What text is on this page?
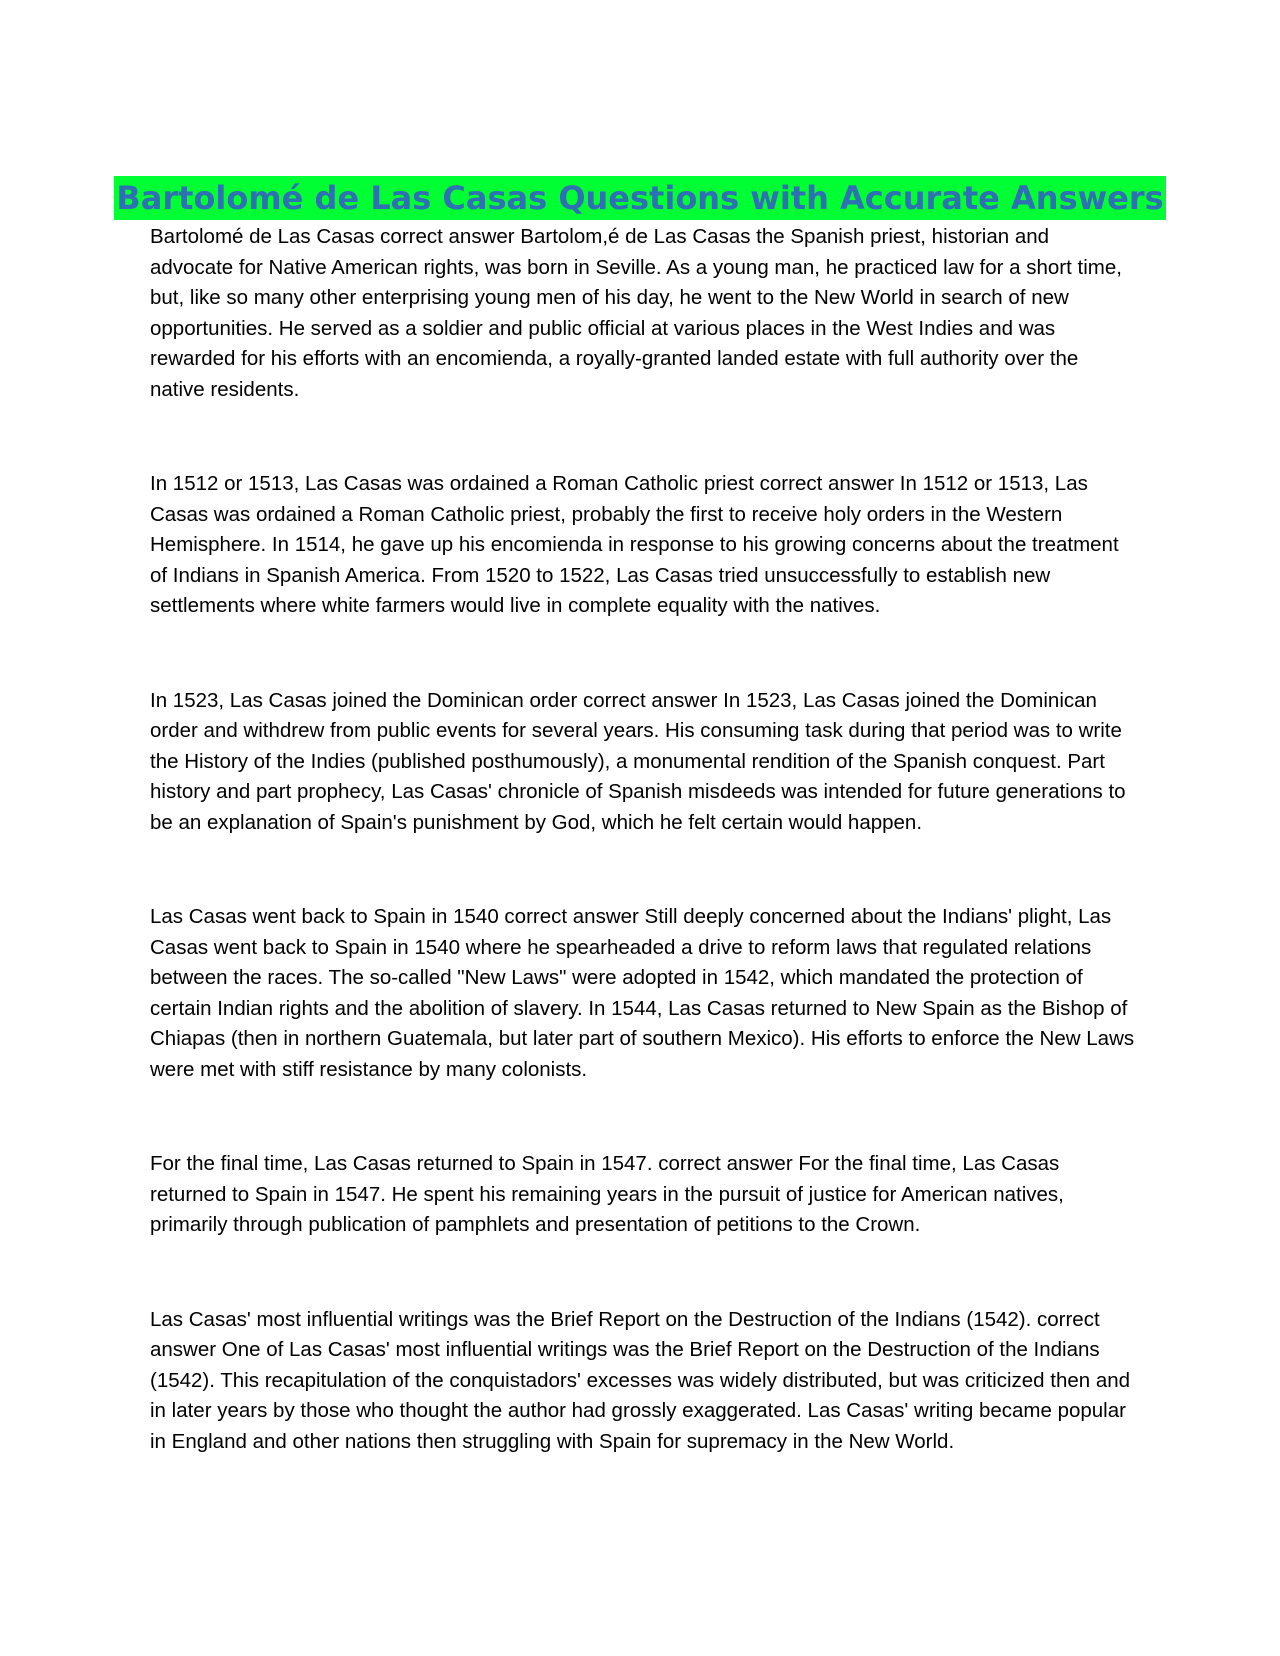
Bartolomé de Las Casas Questions with Accurate Answers

Bartolomé de Las Casas correct answer Bartolom,é de Las Casas the Spanish priest, historian and advocate for Native American rights, was born in Seville. As a young man, he practiced law for a short time, but, like so many other enterprising young men of his day, he went to the New World in search of new opportunities. He served as a soldier and public official at various places in the West Indies and was rewarded for his efforts with an encomienda, a royally-granted landed estate with full authority over the native residents.

In 1512 or 1513, Las Casas was ordained a Roman Catholic priest correct answer In 1512 or 1513, Las Casas was ordained a Roman Catholic priest, probably the first to receive holy orders in the Western Hemisphere. In 1514, he gave up his encomienda in response to his growing concerns about the treatment of Indians in Spanish America. From 1520 to 1522, Las Casas tried unsuccessfully to establish new settlements where white farmers would live in complete equality with the natives.

In 1523, Las Casas joined the Dominican order correct answer In 1523, Las Casas joined the Dominican order and withdrew from public events for several years. His consuming task during that period was to write the History of the Indies (published posthumously), a monumental rendition of the Spanish conquest. Part history and part prophecy, Las Casas' chronicle of Spanish misdeeds was intended for future generations to be an explanation of Spain's punishment by God, which he felt certain would happen.

Las Casas went back to Spain in 1540 correct answer Still deeply concerned about the Indians' plight, Las Casas went back to Spain in 1540 where he spearheaded a drive to reform laws that regulated relations between the races. The so-called "New Laws" were adopted in 1542, which mandated the protection of certain Indian rights and the abolition of slavery. In 1544, Las Casas returned to New Spain as the Bishop of Chiapas (then in northern Guatemala, but later part of southern Mexico). His efforts to enforce the New Laws were met with stiff resistance by many colonists.

For the final time, Las Casas returned to Spain in 1547. correct answer For the final time, Las Casas returned to Spain in 1547. He spent his remaining years in the pursuit of justice for American natives, primarily through publication of pamphlets and presentation of petitions to the Crown.

Las Casas' most influential writings was the Brief Report on the Destruction of the Indians (1542). correct answer One of Las Casas' most influential writings was the Brief Report on the Destruction of the Indians (1542). This recapitulation of the conquistadors' excesses was widely distributed, but was criticized then and in later years by those who thought the author had grossly exaggerated. Las Casas' writing became popular in England and other nations then struggling with Spain for supremacy in the New World.
